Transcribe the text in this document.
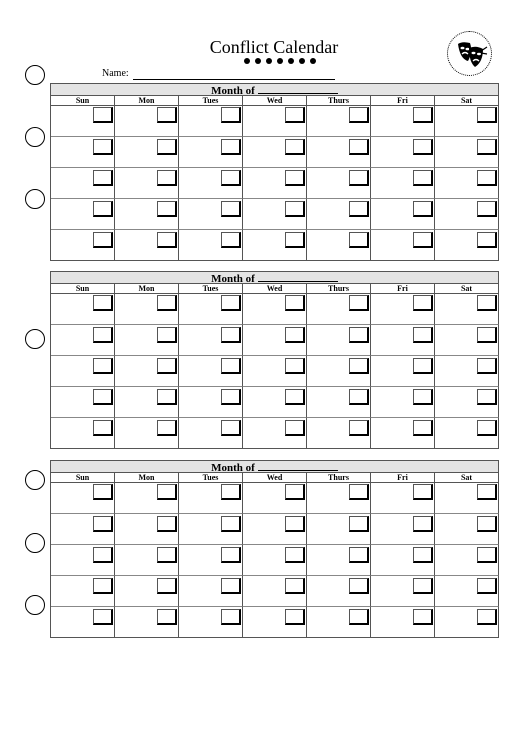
Conflict Calendar
Name:
Month of
Sun	Mon	Tues	Wed	Thurs	Fri	Sat
Month of
Sun	Mon	Tues	Wed	Thurs	Fri	Sat
Month of
Sun	Mon	Tues	Wed	Thurs	Fri	Sat
